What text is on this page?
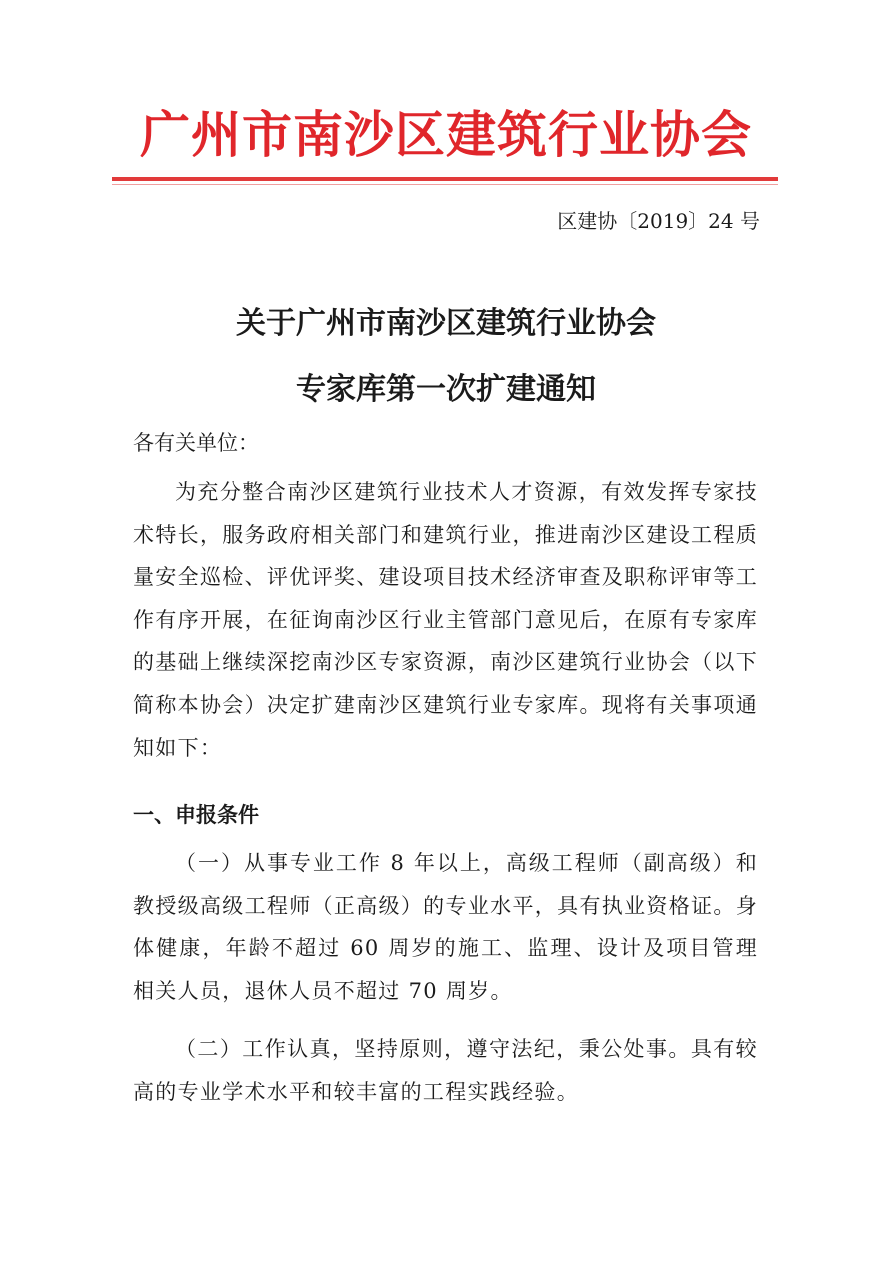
广州市南沙区建筑行业协会
区建协〔2019〕24 号
关于广州市南沙区建筑行业协会
专家库第一次扩建通知
各有关单位：

为充分整合南沙区建筑行业技术人才资源，有效发挥专家技术特长，服务政府相关部门和建筑行业，推进南沙区建设工程质量安全巡检、评优评奖、建设项目技术经济审查及职称评审等工作有序开展，在征询南沙区行业主管部门意见后，在原有专家库的基础上继续深挖南沙区专家资源，南沙区建筑行业协会（以下简称本协会）决定扩建南沙区建筑行业专家库。现将有关事项通知如下：

一、申报条件

（一）从事专业工作 8 年以上，高级工程师（副高级）和教授级高级工程师（正高级）的专业水平，具有执业资格证。身体健康，年龄不超过 60 周岁的施工、监理、设计及项目管理相关人员，退休人员不超过 70 周岁。

（二）工作认真，坚持原则，遵守法纪，秉公处事。具有较高的专业学术水平和较丰富的工程实践经验。
